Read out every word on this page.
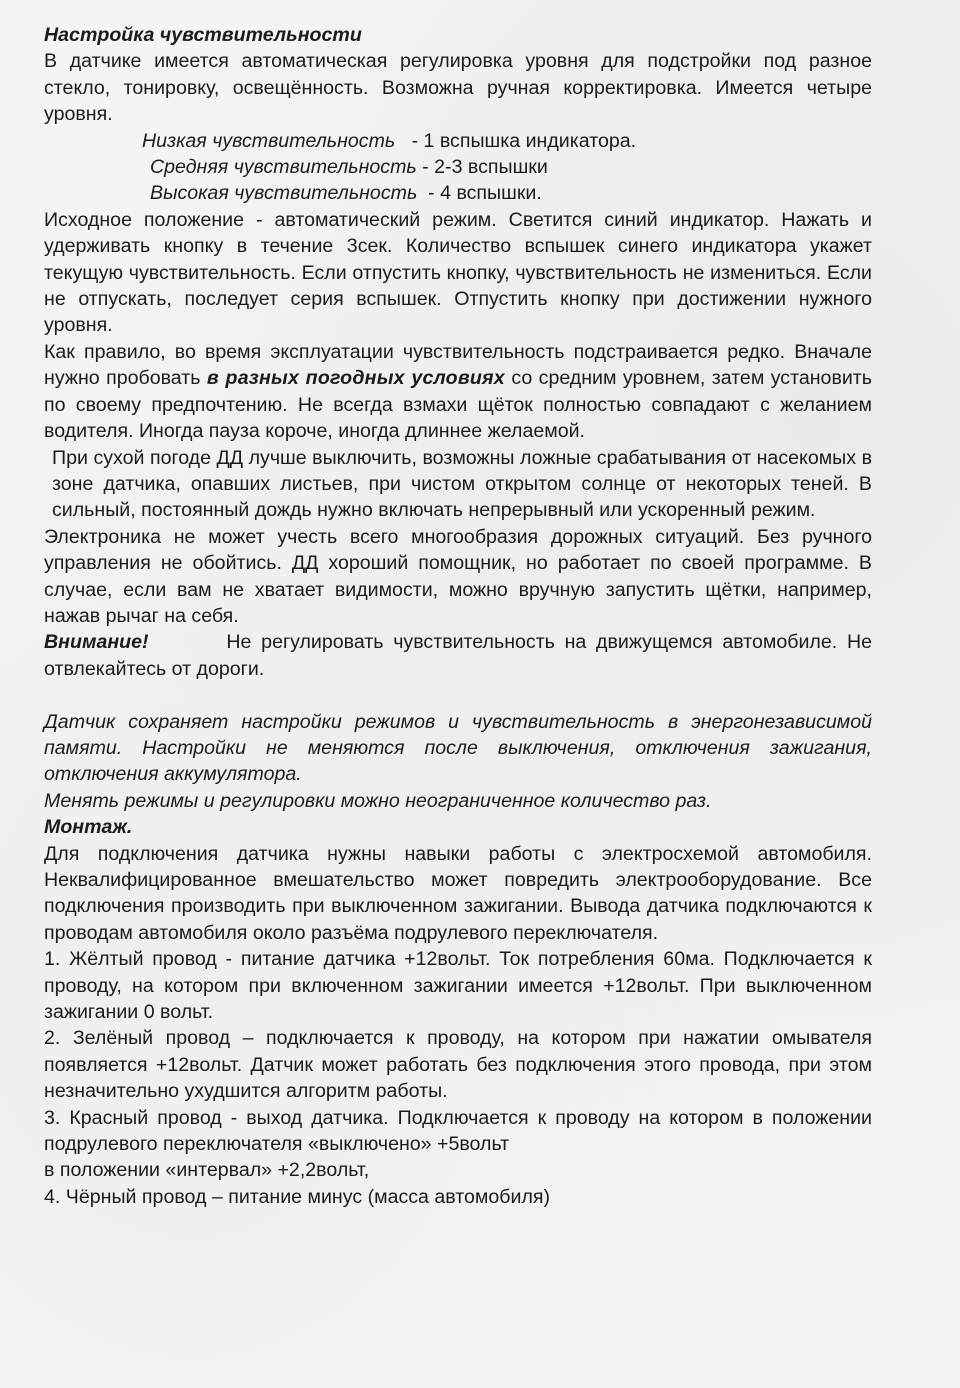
Настройка чувствительности

В датчике имеется автоматическая регулировка уровня для подстройки под разное стекло, тонировку, освещённость. Возможна ручная корректировка. Имеется четыре уровня.

Низкая чувствительность - 1 вспышка индикатора.

Средняя чувствительность - 2-3 вспышки

Высокая чувствительность - 4 вспышки.

Исходное положение - автоматический режим. Светится синий индикатор. Нажать и удерживать кнопку в течение 3сек. Количество вспышек синего индикатора укажет текущую чувствительность. Если отпустить кнопку, чувствительность не измениться. Если не отпускать, последует серия вспышек. Отпустить кнопку при достижении нужного уровня.

Как правило, во время эксплуатации чувствительность подстраивается редко. Вначале нужно пробовать в разных погодных условиях со средним уровнем, затем установить по своему предпочтению. Не всегда взмахи щёток полностью совпадают с желанием водителя. Иногда пауза короче, иногда длиннее желаемой.

При сухой погоде ДД лучше выключить, возможны ложные срабатывания от насекомых в зоне датчика, опавших листьев, при чистом открытом солнце от некоторых теней. В сильный, постоянный дождь нужно включать непрерывный или ускоренный режим.

Электроника не может учесть всего многообразия дорожных ситуаций. Без ручного управления не обойтись. ДД хороший помощник, но работает по своей программе. В случае, если вам не хватает видимости, можно вручную запустить щётки, например, нажав рычаг на себя.

Внимание!	Не регулировать чувствительность на движущемся автомобиле. Не отвлекайтесь от дороги.

Датчик сохраняет настройки режимов и чувствительность в энергонезависимой памяти. Настройки не меняются после выключения, отключения зажигания, отключения аккумулятора.

Менять режимы и регулировки можно неограниченное количество раз.

Монтаж.

Для подключения датчика нужны навыки работы с электросхемой автомобиля. Неквалифицированное вмешательство может повредить электрооборудование. Все подключения производить при выключенном зажигании. Вывода датчика подключаются к проводам автомобиля около разъёма подрулевого переключателя.

1. Жёлтый провод - питание датчика +12вольт. Ток потребления 60ма. Подключается к проводу, на котором при включенном зажигании имеется +12вольт. При выключенном зажигании 0 вольт.

2. Зелёный провод – подключается к проводу, на котором при нажатии омывателя появляется +12вольт. Датчик может работать без подключения этого провода, при этом незначительно ухудшится алгоритм работы.

3. Красный провод - выход датчика. Подключается к проводу на котором в положении подрулевого переключателя «выключено» +5вольт

в положении «интервал» +2,2вольт,

4. Чёрный провод – питание минус (масса автомобиля)
